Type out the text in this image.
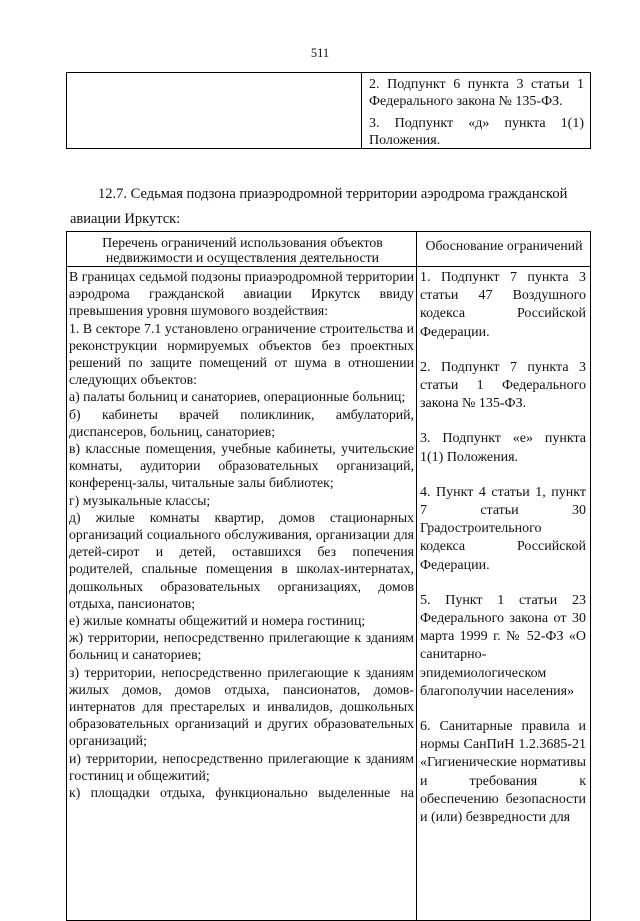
511

2. Подпункт 6 пункта 3 статьи 1 Федерального закона № 135-ФЗ.

3. Подпункт «д» пункта 1(1) Положения.

12.7. Седьмая подзона приаэродромной территории аэродрома гражданской
авиации Иркутск:
Перечень ограничений использования объектов недвижимости и осуществления деятельности
Обоснование ограничений
В границах седьмой подзоны приаэродромной территории аэродрома гражданской авиации Иркутск ввиду превышения уровня шумового воздействия:
1. В секторе 7.1 установлено ограничение строительства и реконструкции нормируемых объектов без проектных решений по защите помещений от шума в отношении следующих объектов:
а) палаты больниц и санаториев, операционные больниц;
б) кабинеты врачей поликлиник, амбулаторий, диспансеров, больниц, санаториев;
в) классные помещения, учебные кабинеты, учительские комнаты, аудитории образовательных организаций, конференц-залы, читальные залы библиотек;
г) музыкальные классы;
д) жилые комнаты квартир, домов стационарных организаций социального обслуживания, организации для детей-сирот и детей, оставшихся без попечения родителей, спальные помещения в школах-интернатах, дошкольных образовательных организациях, домов отдыха, пансионатов;
е) жилые комнаты общежитий и номера гостиниц;
ж) территории, непосредственно прилегающие к зданиям больниц и санаториев;
з) территории, непосредственно прилегающие к зданиям жилых домов, домов отдыха, пансионатов, домов-интернатов для престарелых и инвалидов, дошкольных образовательных организаций и других образовательных организаций;
и) территории, непосредственно прилегающие к зданиям гостиниц и общежитий;
к) площадки отдыха, функционально выделенные на
1. Подпункт 7 пункта 3 статьи 47 Воздушного кодекса Российской Федерации.
2. Подпункт 7 пункта 3 статьи 1 Федерального закона № 135-ФЗ.
3. Подпункт «е» пункта 1(1) Положения.
4. Пункт 4 статьи 1, пункт 7 статьи 30 Градостроительного кодекса Российской Федерации.
5. Пункт 1 статьи 23 Федерального закона от 30 марта 1999 г. № 52-ФЗ «О санитарно-эпидемиологическом благополучии населения»
6. Санитарные правила и нормы СанПиН 1.2.3685-21 «Гигиенические нормативы и требования к обеспечению безопасности и (или) безвредности для
